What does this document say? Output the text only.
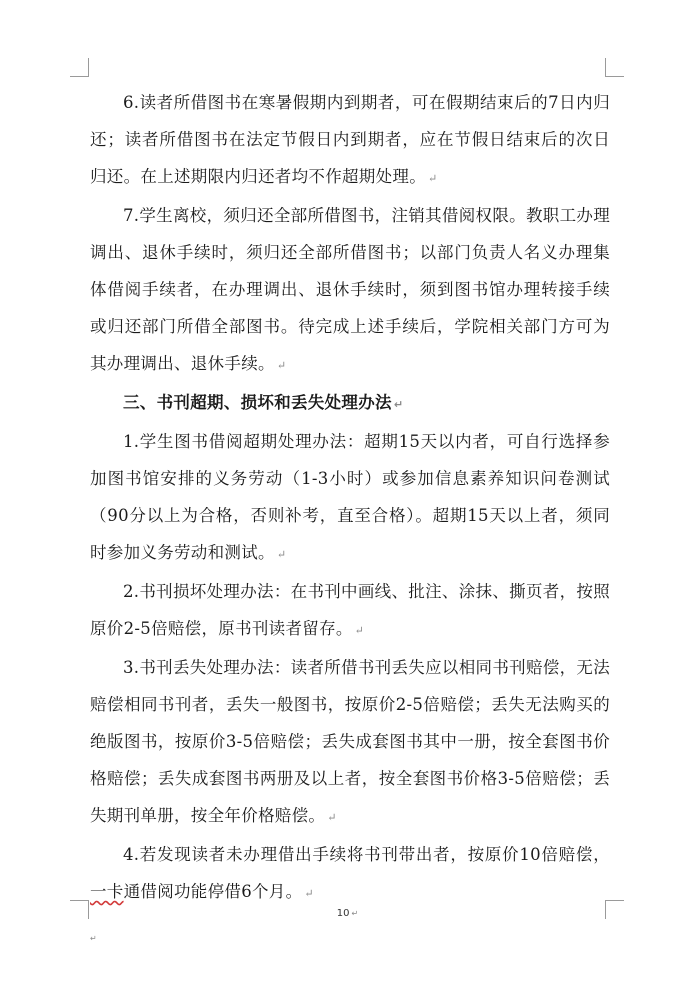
6.读者所借图书在寒暑假期内到期者，可在假期结束后的7日内归还；读者所借图书在法定节假日内到期者，应在节假日结束后的次日归还。在上述期限内归还者均不作超期处理。 ↵

7.学生离校，须归还全部所借图书，注销其借阅权限。教职工办理调出、退休手续时，须归还全部所借图书；以部门负责人名义办理集体借阅手续者，在办理调出、退休手续时，须到图书馆办理转接手续或归还部门所借全部图书。待完成上述手续后，学院相关部门方可为其办理调出、退休手续。 ↵

三、书刊超期、损坏和丢失处理办法 ↵

1.学生图书借阅超期处理办法：超期15天以内者，可自行选择参加图书馆安排的义务劳动（1-3小时）或参加信息素养知识问卷测试（90分以上为合格，否则补考，直至合格）。超期15天以上者，须同时参加义务劳动和测试。 ↵

2.书刊损坏处理办法：在书刊中画线、批注、涂抹、撕页者，按照原价2-5倍赔偿，原书刊读者留存。 ↵

3.书刊丢失处理办法：读者所借书刊丢失应以相同书刊赔偿，无法赔偿相同书刊者，丢失一般图书，按原价2-5倍赔偿；丢失无法购买的绝版图书，按原价3-5倍赔偿；丢失成套图书其中一册，按全套图书价格赔偿；丢失成套图书两册及以上者，按全套图书价格3-5倍赔偿；丢失期刊单册，按全年价格赔偿。 ↵

4.若发现读者未办理借出手续将书刊带出者，按原价10倍赔偿，一卡通借阅功能停借6个月。 ↵

10 ↵
↵
